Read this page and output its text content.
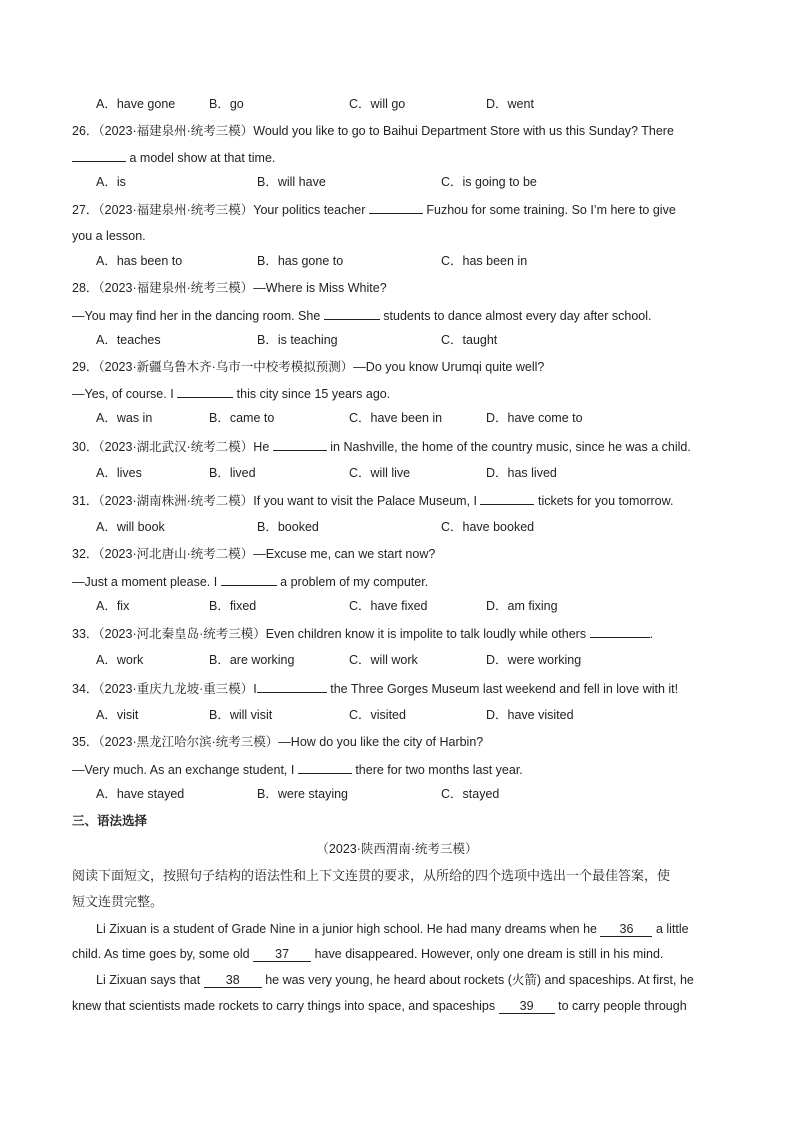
A．have gone	B．go	C．will go	D．went
26．（2023·福建泉州·统考三模）Would you like to go to Baihui Department Store with us this Sunday? There
a model show at that time.
A．is	B．will have	C．is going to be
27．（2023·福建泉州·统考三模）Your politics teacher	Fuzhou for some training. So I’m here to give
you a lesson.
A．has been to	B．has gone to	C．has been in
28．（2023·福建泉州·统考三模）—Where is Miss White?
—You may find her in the dancing room. She	students to dance almost every day after school.
A．teaches	B．is teaching	C．taught
29．（2023·新疆乌鲁木齐·乌市一中校考模拟预测）—Do you know Urumqi quite well?
—Yes, of course. I	this city since 15 years ago.
A．was in	B．came to	C．have been in	D．have come to
30．（2023·湖北武汉·统考二模）He	in Nashville, the home of the country music, since he was a child.
A．lives	B．lived	C．will live	D．has lived
31．（2023·湖南株洲·统考二模）If you want to visit the Palace Museum, I	tickets for you tomorrow.
A．will book	B．booked	C．have booked
32．（2023·河北唐山·统考二模）—Excuse me, can we start now?
—Just a moment please. I	a problem of my computer.
A．fix	B．fixed	C．have fixed	D．am fixing
33．（2023·河北秦皇岛·统考三模）Even children know it is impolite to talk loudly while others	.
A．work	B．are working	C．will work	D．were working
34．（2023·重庆九龙坡·重三模）I	the Three Gorges Museum last weekend and fell in love with it!
A．visit	B．will visit	C．visited	D．have visited
35．（2023·黑龙江哈尔滨·统考三模）—How do you like the city of Harbin?
—Very much. As an exchange student, I	there for two months last year.
A．have stayed	B．were staying	C．stayed
三、语法选择
（2023·陕西渭南·统考三模）
阅读下面短文，按照句子结构的语法性和上下文连贯的要求，从所给的四个选项中选出一个最佳答案，使
短文连贯完整。
Li Zixuan is a student of Grade Nine in a junior high school. He had many dreams when he 36 a little
child. As time goes by, some old 37 have disappeared. However, only one dream is still in his mind.
Li Zixuan says that 38 he was very young, he heard about rockets (火箭) and spaceships. At first, he
knew that scientists made rockets to carry things into space, and spaceships 39 to carry people through
